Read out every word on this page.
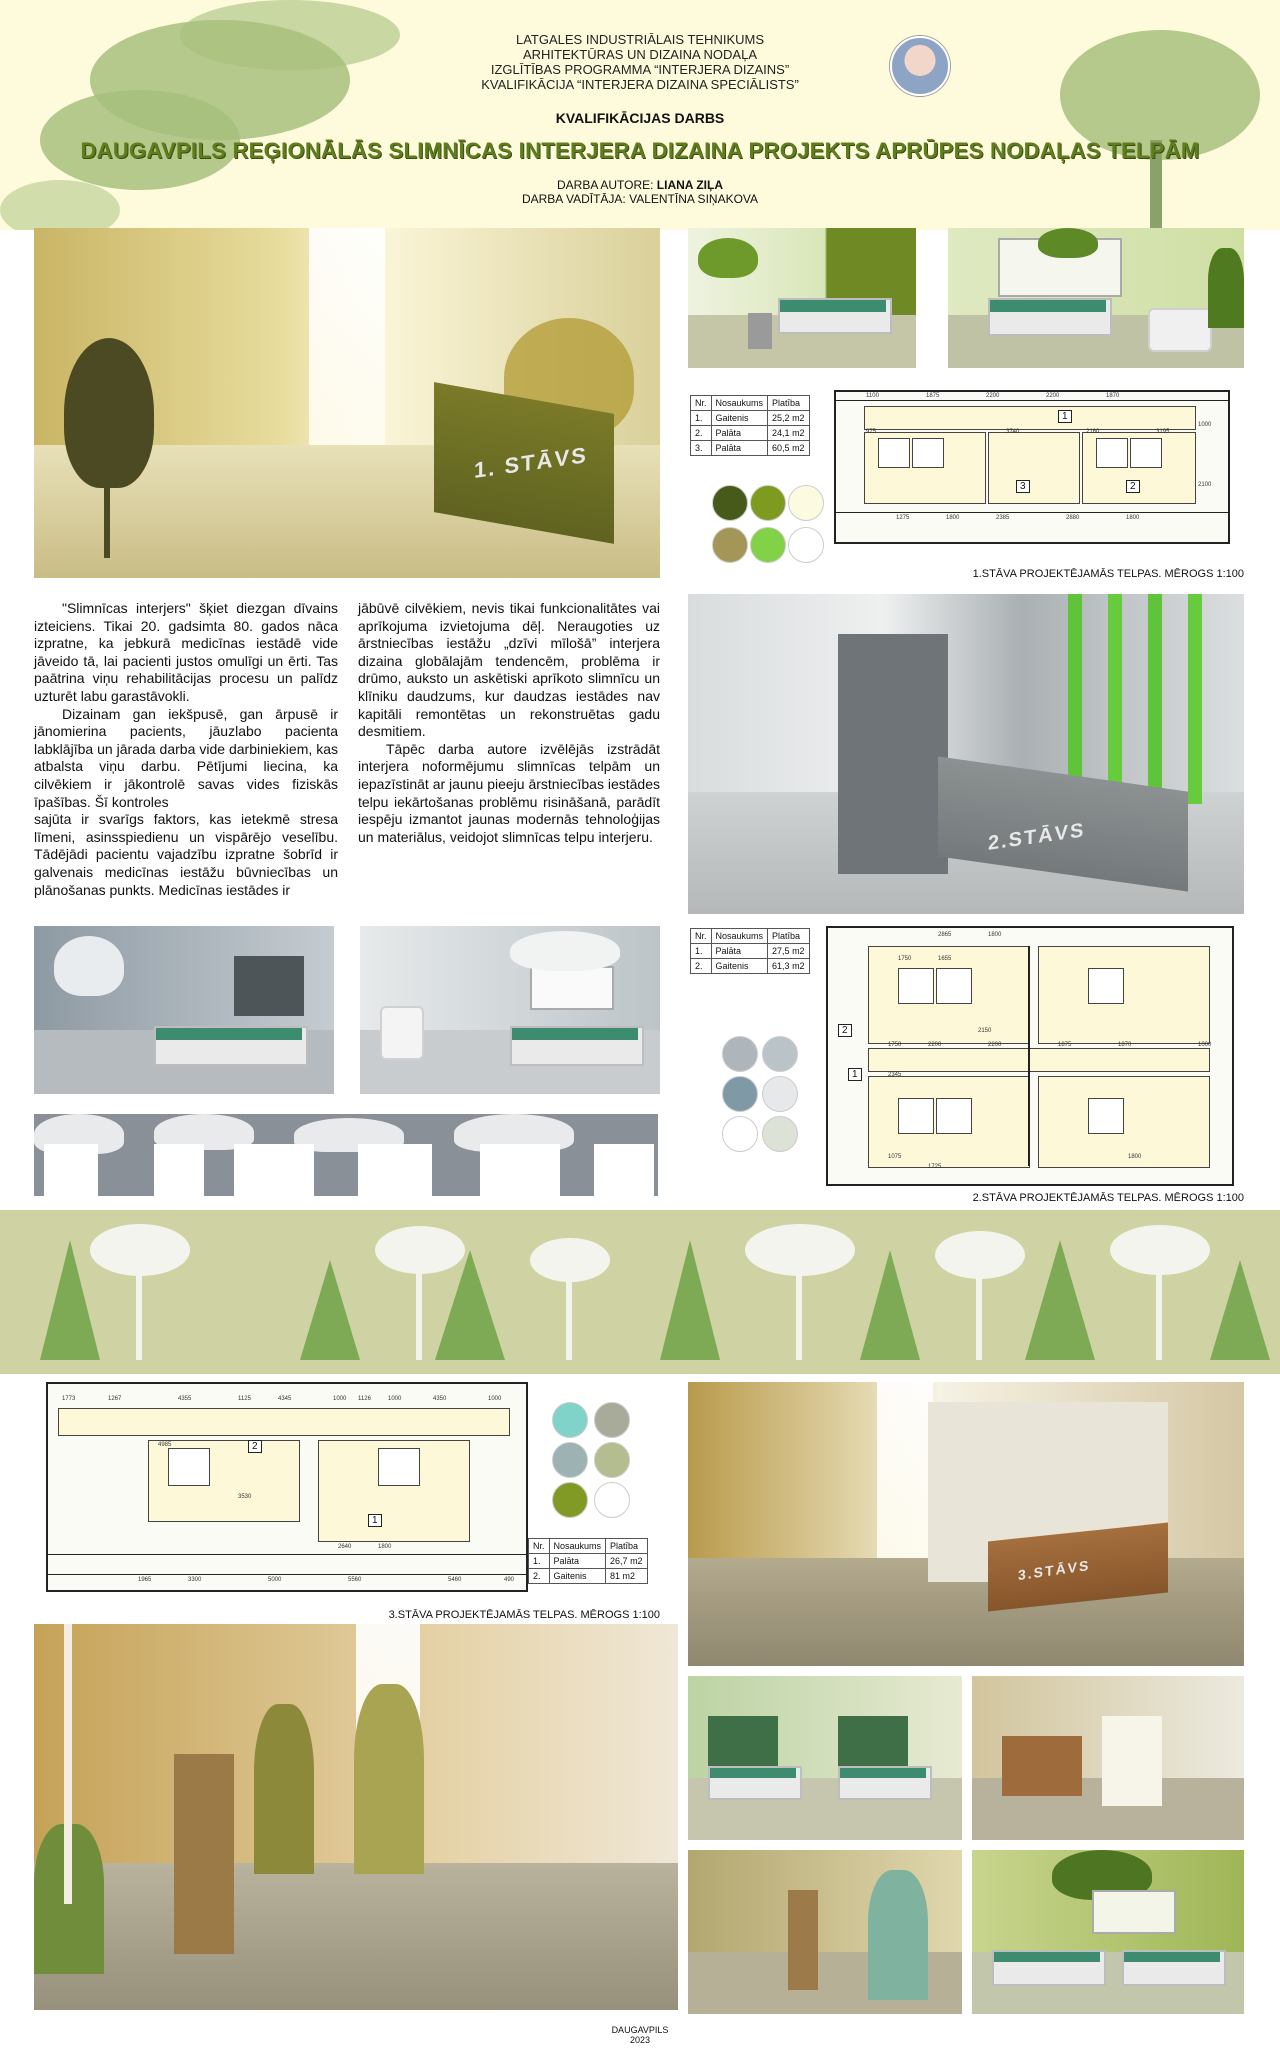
LATGALES INDUSTRIĀLAIS TEHNIKUMS
ARHITEKTŪRAS UN DIZAINA NODAĻA
IZGLĪTĪBAS PROGRAMMA “INTERJERA DIZAINS”
KVALIFIKĀCIJA “INTERJERA DIZAINA SPECIĀLISTS”
KVALIFIKĀCIJAS DARBS
DAUGAVPILS REĢIONĀLĀS SLIMNĪCAS INTERJERA DIZAINA PROJEKTS APRŪPES NODAĻAS TELPĀM
DARBA AUTORE: LIANA ZIĻA
DARBA VADĪTĀJA: VALENTĪNA SIŅAKOVA
1. STĀVS
Nr.	Nosaukums	Platība
1.	Gaitenis	25,2 m2
2.	Palāta	24,1 m2
3.	Palāta	60,5 m2
1
2
3
1100	1875	2200	2200	1870
975	3740	2160	3195
1000
2100
1275	1800	2385	2880	1800
1.STĀVA PROJEKTĒJAMĀS TELPAS. MĒROGS 1:100

"Slimnīcas interjers" šķiet diezgan dīvains izteiciens. Tikai 20. gadsimta 80. gados nāca izpratne, ka jebkurā medicīnas iestādē vide jāveido tā, lai pacienti justos omulīgi un ērti. Tas paātrina viņu rehabilitācijas procesu un palīdz uzturēt labu garastāvokli.

Dizainam gan iekšpusē, gan ārpusē ir jānomierina pacients, jāuzlabo pacienta labklājība un jārada darba vide darbiniekiem, kas atbalsta viņu darbu. Pētījumi liecina, ka cilvēkiem ir jākontrolē savas vides fiziskās īpašības. Šī kontroles

sajūta ir svarīgs faktors, kas ietekmē stresa līmeni, asinsspiedienu un vispārējo veselību. Tādējādi pacientu vajadzību izpratne šobrīd ir galvenais medicīnas iestāžu būvniecības un plānošanas punkts. Medicīnas iestādes ir

jābūvē cilvēkiem, nevis tikai funkcionalitātes vai aprīkojuma izvietojuma dēļ. Neraugoties uz ārstniecības iestāžu „dzīvi mīlošā” interjera dizaina globālajām tendencēm, problēma ir drūmo, auksto un askētiski aprīkoto slimnīcu un klīniku daudzums, kur daudzas iestādes nav kapitāli remontētas un rekonstruētas gadu desmitiem.

Tāpēc darba autore izvēlējās izstrādāt interjera noformējumu slimnīcas telpām un iepazīstināt ar jaunu pieeju ārstniecības iestādes telpu iekārtošanas problēmu risināšanā, parādīt iespēju izmantot jaunas modernās tehnoloģijas un materiālus, veidojot slimnīcas telpu interjeru.	2.STĀVS
Nr.	Nosaukums	Platība
1.	Palāta	27,5 m2
2.	Gaitenis	61,3 m2
1
2
2865	1800
1750	1655
2150
1750	1875
2200	2200	1870	1000
2345
1075
1725
1800
2.STĀVA PROJEKTĒJAMĀS TELPAS. MĒROGS 1:100
2
1
1773	1267	4355	1125	4345	1000 1126	1000	4350	1000
4985
3530
2640	1800
1965	3300	5000	5560	5460	490
Nr.	Nosaukums	Platība
1.	Palāta	26,7 m2
2.	Gaitenis	81 m2
3.STĀVA PROJEKTĒJAMĀS TELPAS. MĒROGS 1:100
3.STĀVS
DAUGAVPILS
2023
